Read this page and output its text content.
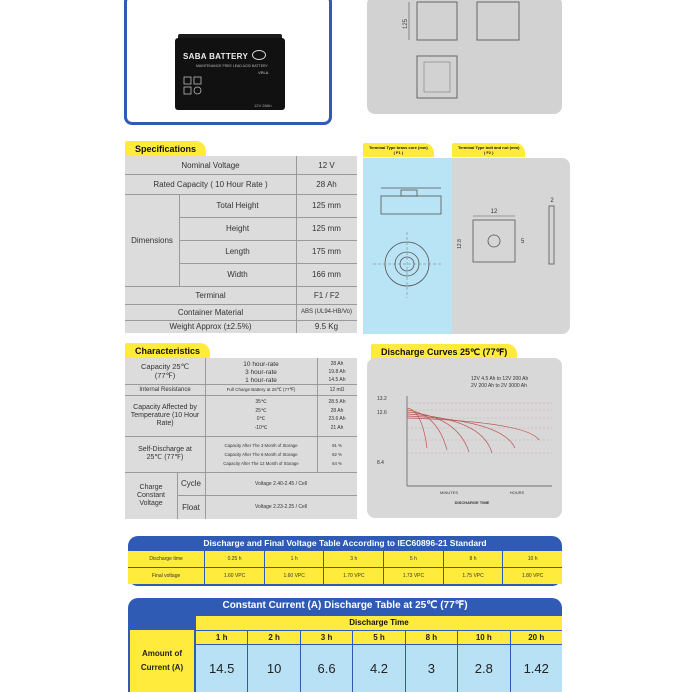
SABA BATTERY
MAINTENANCE FREE LEAD ACID BATTERY
VRLA
12V 28Ah
125
Specifications
Nominal Voltage	12 V
Rated Capacity ( 10 Hour Rate )	28 Ah
Dimensions
Total Height	125 mm
Height	125 mm
Length	175 mm
Width	166 mm
Terminal	F1 / F2
Container Material	ABS (UL94-HB/Vo)
Weight Approx (±2.5%)	9.5 Kg
Terminal Type brass core (mm)
( F1 )
Terminal Type bolt and nut (mm)
( F2 )
12
2
5
12.8
Characteristics
Capacity 25℃ (77℉)
10 hour-rate	28 Ah
3 hour-rate	19.8 Ah
1 hour-rate	14.5 Ah
Internal Resistance	Full Charge Battery at 25℃ (77℉)	12 mΩ
Capacity Affected by Temperature (10 Hour Rate)
35℃	28.5 Ah
25℃	28 Ah
0℃	23.6 Ah
-10℃	21 Ah
Self-Discharge at 25℃ (77℉)
Capacity After The 3 Month of Storage	91 %
Capacity After The 6 Month of Storage	82 %
Capacity After The 12 Month of Storage	64 %
Charge Constant Voltage
Cycle	Voltage 2.40-2.45 / Cell
Float	Voltage 2.23-2.25 / Cell
Discharge Curves 25℃ (77℉)
12V 4.5 Ah to 12V 200 Ah
2V 200 Ah to 2V 3000 Ah
13.2
12.6
8.4
MINUTES	HOURS
DISCHARGE TIME
Discharge and Final Voltage Table According to IEC60896-21 Standard
Discharge time	0.25 h	1 h	3 h	5 h	8 h	10 h
Final voltage	1.60 VPC	1.60 VPC	1.70 VPC	1.73 VPC	1.75 VPC	1.80 VPC
Constant Current (A) Discharge Table at 25℃ (77℉)
Discharge Time
Amount of Current (A)
1 h	2 h	3 h	5 h	8 h	10 h	20 h
14.5	10	6.6	4.2	3	2.8	1.42
